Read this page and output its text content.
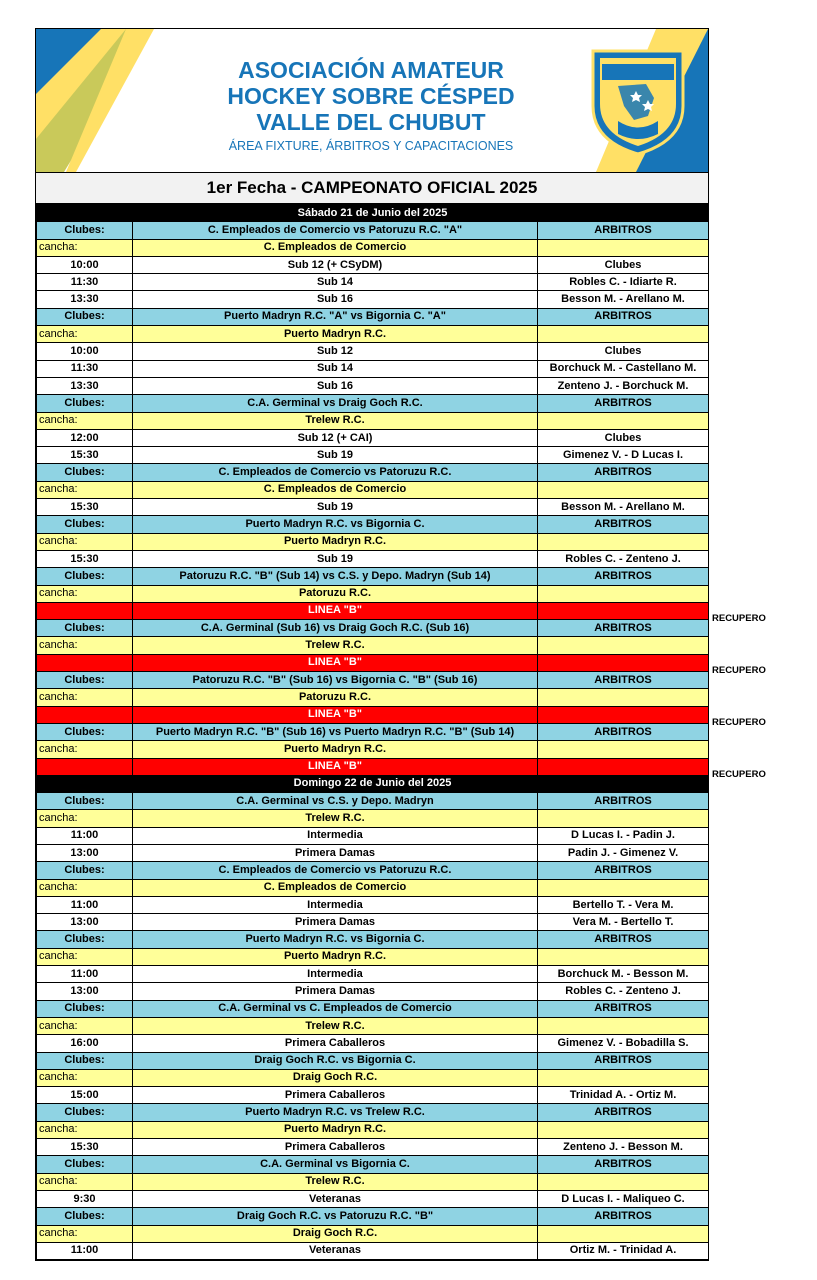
ASOCIACIÓN AMATEUR
HOCKEY SOBRE CÉSPED
VALLE DEL CHUBUT
ÁREA FIXTURE, ÁRBITROS Y CAPACITACIONES
1er Fecha - CAMPEONATO OFICIAL 2025
Sábado 21 de Junio del 2025		
Clubes:	C. Empleados de Comercio vs Patoruzu R.C. "A"	ARBITROS
cancha:	C. Empleados de Comercio	
10:00	Sub 12 (+ CSyDM)	Clubes
11:30	Sub 14	Robles C. - Idiarte R.
13:30	Sub 16	Besson M. - Arellano M.
Clubes:	Puerto Madryn R.C. "A" vs Bigornia C. "A"	ARBITROS
cancha:	Puerto Madryn R.C.	
10:00	Sub 12	Clubes
11:30	Sub 14	Borchuck M. - Castellano M.
13:30	Sub 16	Zenteno J. - Borchuck M.
Clubes:	C.A. Germinal vs Draig Goch R.C.	ARBITROS
cancha:	Trelew R.C.	
12:00	Sub 12 (+ CAI)	Clubes
15:30	Sub 19	Gimenez V. - D Lucas I.
Clubes:	C. Empleados de Comercio vs Patoruzu R.C.	ARBITROS
cancha:	C. Empleados de Comercio	
15:30	Sub 19	Besson M. - Arellano M.
Clubes:	Puerto Madryn R.C. vs Bigornia C.	ARBITROS
cancha:	Puerto Madryn R.C.	
15:30	Sub 19	Robles C. - Zenteno J.
Clubes:	Patoruzu R.C. "B" (Sub 14) vs C.S. y Depo. Madryn (Sub 14)	ARBITROS
cancha:	Patoruzu R.C.	
	LINEA "B"	
Clubes:	C.A. Germinal (Sub 16) vs Draig Goch R.C. (Sub 16)	ARBITROS
cancha:	Trelew R.C.	
	LINEA "B"	
Clubes:	Patoruzu R.C. "B" (Sub 16) vs Bigornia C. "B" (Sub 16)	ARBITROS
cancha:	Patoruzu R.C.	
	LINEA "B"	
Clubes:	Puerto Madryn R.C. "B" (Sub 16) vs Puerto Madryn R.C. "B" (Sub 14)	ARBITROS
cancha:	Puerto Madryn R.C.	
	LINEA "B"	
Domingo 22 de Junio del 2025		
Clubes:	C.A. Germinal vs C.S. y Depo. Madryn	ARBITROS
cancha:	Trelew R.C.	
11:00	Intermedia	D Lucas I. - Padin J.
13:00	Primera Damas	Padin J. - Gimenez V.
Clubes:	C. Empleados de Comercio vs Patoruzu R.C.	ARBITROS
cancha:	C. Empleados de Comercio	
11:00	Intermedia	Bertello T. - Vera M.
13:00	Primera Damas	Vera M. - Bertello T.
Clubes:	Puerto Madryn R.C. vs Bigornia C.	ARBITROS
cancha:	Puerto Madryn R.C.	
11:00	Intermedia	Borchuck M. - Besson M.
13:00	Primera Damas	Robles C. - Zenteno J.
Clubes:	C.A. Germinal vs C. Empleados de Comercio	ARBITROS
cancha:	Trelew R.C.	
16:00	Primera Caballeros	Gimenez V. - Bobadilla S.
Clubes:	Draig Goch R.C. vs Bigornia C.	ARBITROS
cancha:	Draig Goch R.C.	
15:00	Primera Caballeros	Trinidad A. - Ortiz M.
Clubes:	Puerto Madryn R.C. vs Trelew R.C.	ARBITROS
cancha:	Puerto Madryn R.C.	
15:30	Primera Caballeros	Zenteno J. - Besson M.
Clubes:	C.A. Germinal vs Bigornia C.	ARBITROS
cancha:	Trelew R.C.	
9:30	Veteranas	D Lucas I. - Maliqueo C.
Clubes:	Draig Goch R.C. vs Patoruzu R.C. "B"	ARBITROS
cancha:	Draig Goch R.C.	
11:00	Veteranas	Ortiz M. - Trinidad A.
RECUPERO
RECUPERO
RECUPERO
RECUPERO
